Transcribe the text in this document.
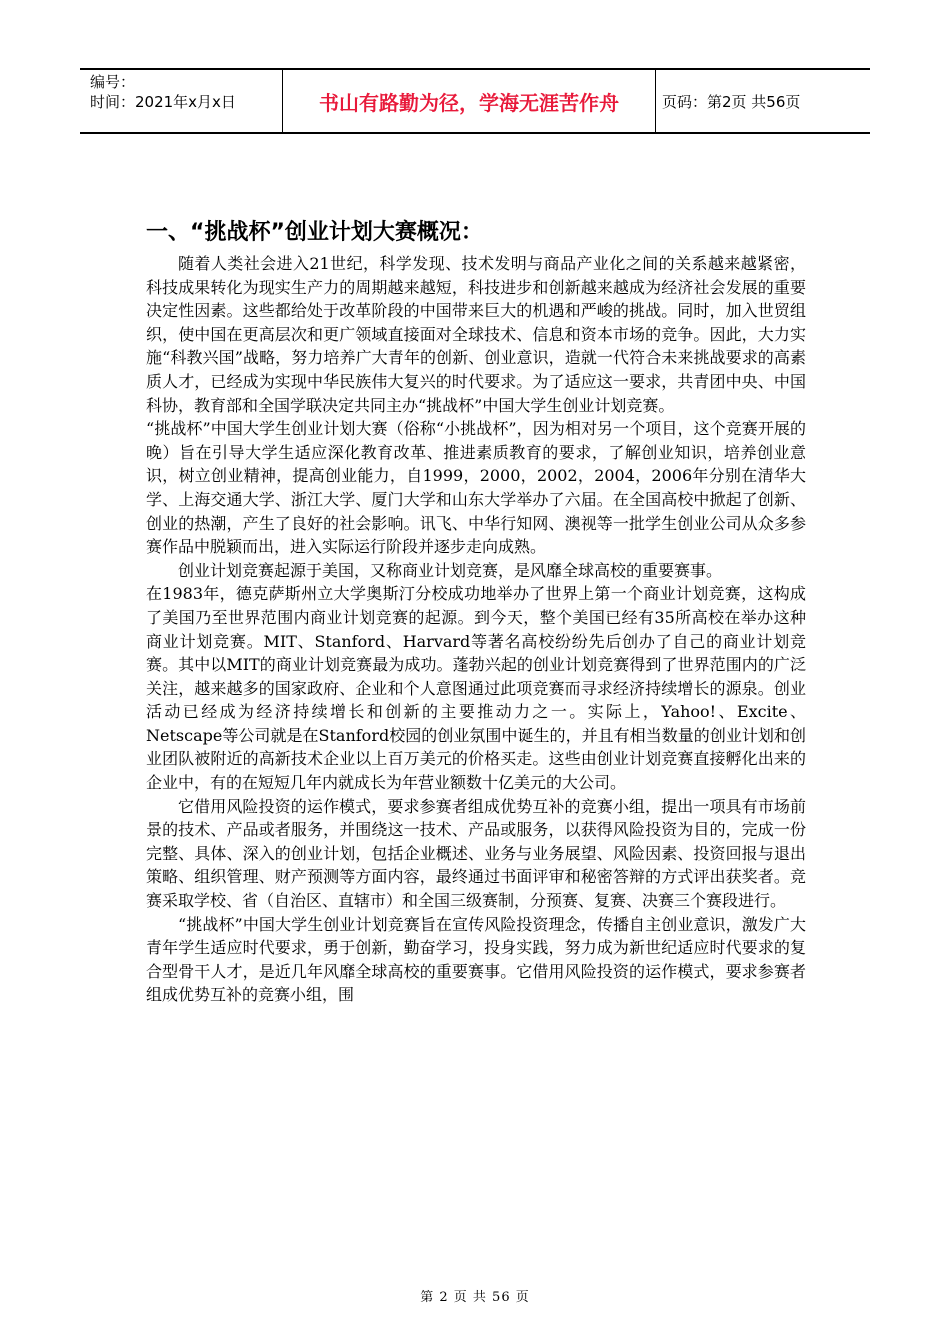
编号：
时间：2021年x月x日	书山有路勤为径，学海无涯苦作舟	页码：第2页 共56页
一、“挑战杯”创业计划大赛概况：

随着人类社会进入21世纪，科学发现、技术发明与商品产业化之间的关系越来越紧密，科技成果转化为现实生产力的周期越来越短，科技进步和创新越来越成为经济社会发展的重要决定性因素。这些都给处于改革阶段的中国带来巨大的机遇和严峻的挑战。同时，加入世贸组织，使中国在更高层次和更广领域直接面对全球技术、信息和资本市场的竞争。因此，大力实施“科教兴国”战略，努力培养广大青年的创新、创业意识，造就一代符合未来挑战要求的高素质人才，已经成为实现中华民族伟大复兴的时代要求。为了适应这一要求，共青团中央、中国科协，教育部和全国学联决定共同主办“挑战杯”中国大学生创业计划竞赛。

“挑战杯”中国大学生创业计划大赛（俗称“小挑战杯”，因为相对另一个项目，这个竞赛开展的晚）旨在引导大学生适应深化教育改革、推进素质教育的要求，了解创业知识，培养创业意识，树立创业精神，提高创业能力，自1999，2000，2002，2004，2006年分别在清华大学、上海交通大学、浙江大学、厦门大学和山东大学举办了六届。在全国高校中掀起了创新、创业的热潮，产生了良好的社会影响。讯飞、中华行知网、澳视等一批学生创业公司从众多参赛作品中脱颖而出，进入实际运行阶段并逐步走向成熟。

创业计划竞赛起源于美国，又称商业计划竞赛，是风靡全球高校的重要赛事。

在1983年，德克萨斯州立大学奥斯汀分校成功地举办了世界上第一个商业计划竞赛，这构成了美国乃至世界范围内商业计划竞赛的起源。到今天，整个美国已经有35所高校在举办这种商业计划竞赛。MIT、Stanford、Harvard等著名高校纷纷先后创办了自己的商业计划竞赛。其中以MIT的商业计划竞赛最为成功。蓬勃兴起的创业计划竞赛得到了世界范围内的广泛关注，越来越多的国家政府、企业和个人意图通过此项竞赛而寻求经济持续增长的源泉。创业活动已经成为经济持续增长和创新的主要推动力之一。实际上，Yahoo!、Excite、Netscape等公司就是在Stanford校园的创业氛围中诞生的，并且有相当数量的创业计划和创业团队被附近的高新技术企业以上百万美元的价格买走。这些由创业计划竞赛直接孵化出来的企业中，有的在短短几年内就成长为年营业额数十亿美元的大公司。

它借用风险投资的运作模式，要求参赛者组成优势互补的竞赛小组，提出一项具有市场前景的技术、产品或者服务，并围绕这一技术、产品或服务，以获得风险投资为目的，完成一份完整、具体、深入的创业计划，包括企业概述、业务与业务展望、风险因素、投资回报与退出策略、组织管理、财产预测等方面内容，最终通过书面评审和秘密答辩的方式评出获奖者。竞赛采取学校、省（自治区、直辖市）和全国三级赛制，分预赛、复赛、决赛三个赛段进行。

“挑战杯”中国大学生创业计划竞赛旨在宣传风险投资理念，传播自主创业意识，激发广大青年学生适应时代要求，勇于创新，勤奋学习，投身实践，努力成为新世纪适应时代要求的复合型骨干人才，是近几年风靡全球高校的重要赛事。它借用风险投资的运作模式，要求参赛者组成优势互补的竞赛小组，围

第 2 页 共 56 页
